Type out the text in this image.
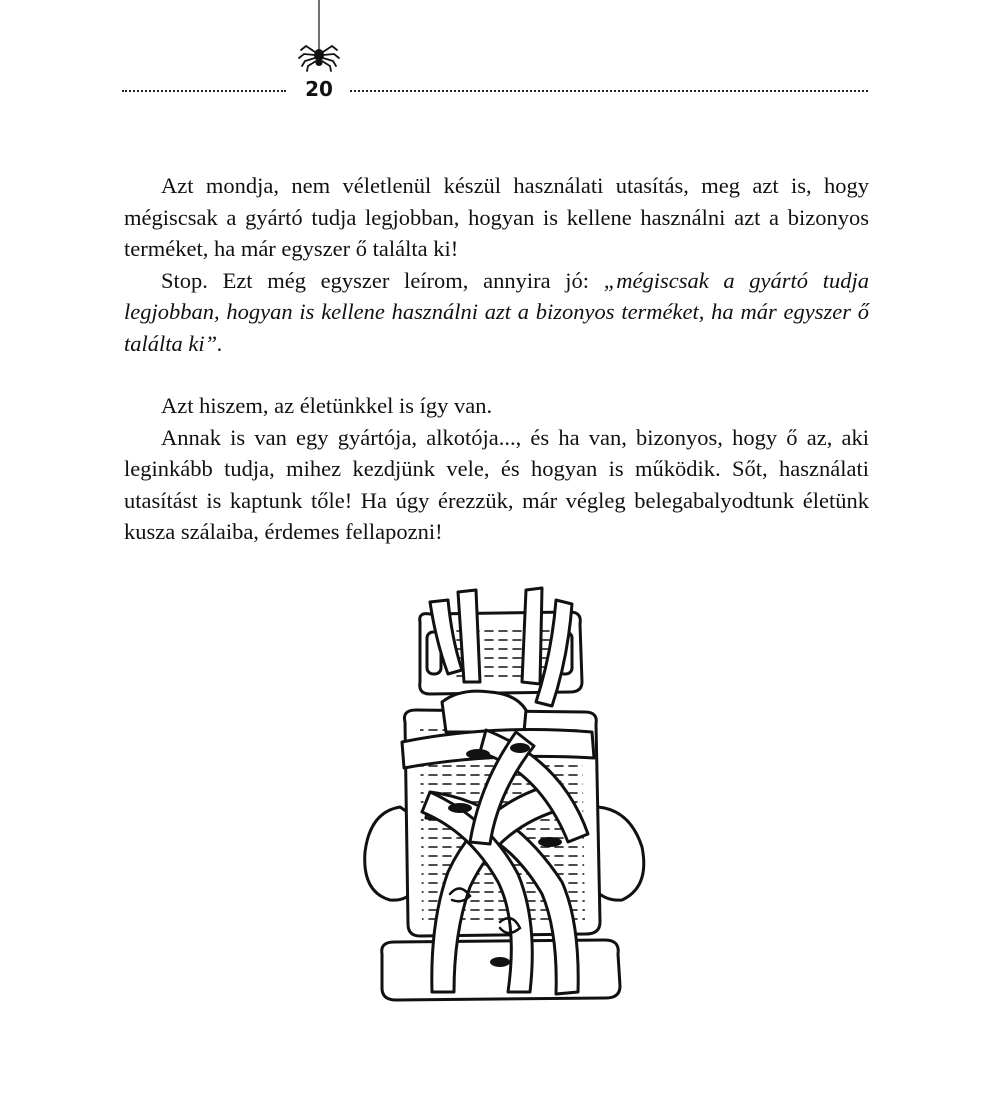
20

Azt mondja, nem véletlenül készül használati utasítás, meg azt is, hogy mégiscsak a gyártó tudja legjobban, hogyan is kellene használni azt a bizonyos terméket, ha már egyszer ő találta ki!

Stop. Ezt még egyszer leírom, annyira jó: „mégiscsak a gyártó tudja legjobban, hogyan is kellene használni azt a bizonyos terméket, ha már egyszer ő találta ki”.

Azt hiszem, az életünkkel is így van.

Annak is van egy gyártója, alkotója..., és ha van, bizonyos, hogy ő az, aki leginkább tudja, mihez kezdjünk vele, és hogyan is működik. Sőt, használati utasítást is kaptunk tőle! Ha úgy érezzük, már végleg belegabalyodtunk életünk kusza szálaiba, érdemes fellapozni!
